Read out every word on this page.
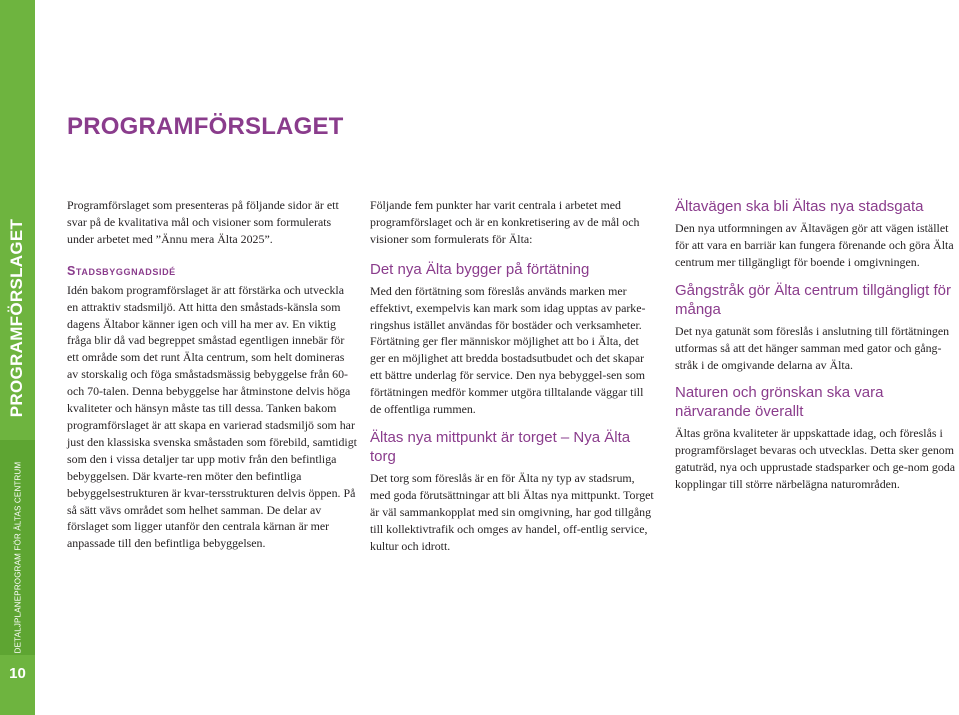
PROGRAMFÖRSLAGET
DETALJPLANEPROGRAM FÖR ÄLTAS CENTRUM
10
PROGRAMFÖRSLAGET

Programförslaget som presenteras på följande sidor är ett svar på de kvalitativa mål och visioner som formulerats under arbetet med ”Ännu mera Älta 2025”.

Stadsbyggnadsidé

Idén bakom programförslaget är att förstärka och utveckla en attraktiv stadsmiljö. Att hitta den småstads-känsla som dagens Ältabor känner igen och vill ha mer av. En viktig fråga blir då vad begreppet småstad egentligen innebär för ett område som det runt Älta centrum, som helt domineras av storskalig och föga småstadsmässig bebyggelse från 60- och 70-talen. Denna bebyggelse har åtminstone delvis höga kvaliteter och hänsyn måste tas till dessa. Tanken bakom programförslaget är att skapa en varierad stadsmiljö som har just den klassiska svenska småstaden som förebild, samtidigt som den i vissa detaljer tar upp motiv från den befintliga bebyggelsen. Där kvarte-ren möter den befintliga bebyggelsestrukturen är kvar-tersstrukturen delvis öppen. På så sätt vävs området som helhet samman. De delar av förslaget som ligger utanför den centrala kärnan är mer anpassade till den befintliga bebyggelsen.

Följande fem punkter har varit centrala i arbetet med programförslaget och är en konkretisering av de mål och visioner som formulerats för Älta:

Det nya Älta bygger på förtätning

Med den förtätning som föreslås används marken mer effektivt, exempelvis kan mark som idag upptas av parke-ringshus istället användas för bostäder och verksamheter. Förtätning ger fler människor möjlighet att bo i Älta, det ger en möjlighet att bredda bostadsutbudet och det skapar ett bättre underlag för service. Den nya bebyggel-sen som förtätningen medför kommer utgöra tilltalande väggar till de offentliga rummen.

Ältas nya mittpunkt är torget – Nya Älta torg

Det torg som föreslås är en för Älta ny typ av stadsrum, med goda förutsättningar att bli Ältas nya mittpunkt. Torget är väl sammankopplat med sin omgivning, har god tillgång till kollektivtrafik och omges av handel, off-entlig service, kultur och idrott.

Ältavägen ska bli Ältas nya stadsgata

Den nya utformningen av Ältavägen gör att vägen istället för att vara en barriär kan fungera förenande och göra Älta centrum mer tillgängligt för boende i omgivningen.

Gångstråk gör Älta centrum tillgängligt för många

Det nya gatunät som föreslås i anslutning till förtätningen utformas så att det hänger samman med gator och gång-stråk i de omgivande delarna av Älta.

Naturen och grönskan ska vara närvarande överallt

Ältas gröna kvaliteter är uppskattade idag, och föreslås i programförslaget bevaras och utvecklas. Detta sker genom gatuträd, nya och upprustade stadsparker och ge-nom goda kopplingar till större närbelägna naturområden.
